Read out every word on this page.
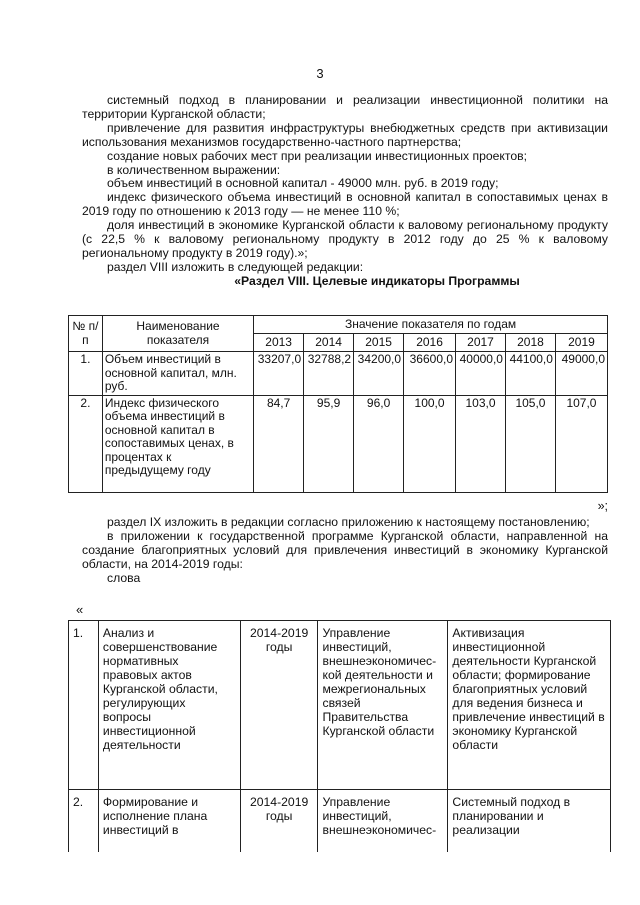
3

системный подход в планировании и реализации инвестиционной политики на территории Курганской области;

привлечение для развития инфраструктуры внебюджетных средств при активизации использования механизмов государственно-частного партнерства;

создание новых рабочих мест при реализации инвестиционных проектов;

в количественном выражении:

объем инвестиций в основной капитал - 49000 млн. руб. в 2019 году;

индекс физического объема инвестиций в основной капитал в сопоставимых ценах в 2019 году по отношению к 2013 году — не менее 110 %;

доля инвестиций в экономике Курганской области к валовому региональному продукту (с 22,5 % к валовому региональному продукту в 2012 году до 25 % к валовому региональному продукту в 2019 году).»;

раздел VIII изложить в следующей редакции:

«Раздел VIII. Целевые индикаторы Программы

№ п/п	Наименование показателя	Значение показателя по годам						
		2013	2014	2015	2016	2017	2018	2019
1.	Объем инвестиций в основной капитал, млн. руб.	33207,0	32788,2	34200,0	36600,0	40000,0	44100,0	49000,0
2.	Индекс физического объема инвестиций в основной капитал в сопоставимых ценах, в процентах к предыдущему году	84,7	95,9	96,0	100,0	103,0	105,0	107,0
»;

раздел IX изложить в редакции согласно приложению к настоящему постановлению;

в приложении к государственной программе Курганской области, направленной на создание благоприятных условий для привлечения инвестиций в экономику Курганской области, на 2014-2019 годы:

слова

«
1.	Анализ и совершенствование нормативных правовых актов Курганской области, регулирующих вопросы инвестиционной деятельности	2014-2019 годы	Управление инвестиций, внешнеэкономичес-кой деятельности и межрегиональных связей Правительства Курганской области	Активизация инвестиционной деятельности Курганской области; формирование благоприятных условий для ведения бизнеса и привлечение инвестиций в экономику Курганской области
2.	Формирование и исполнение плана инвестиций в	2014-2019 годы	Управление инвестиций, внешнеэкономичес-	Системный подход в планировании и реализации
